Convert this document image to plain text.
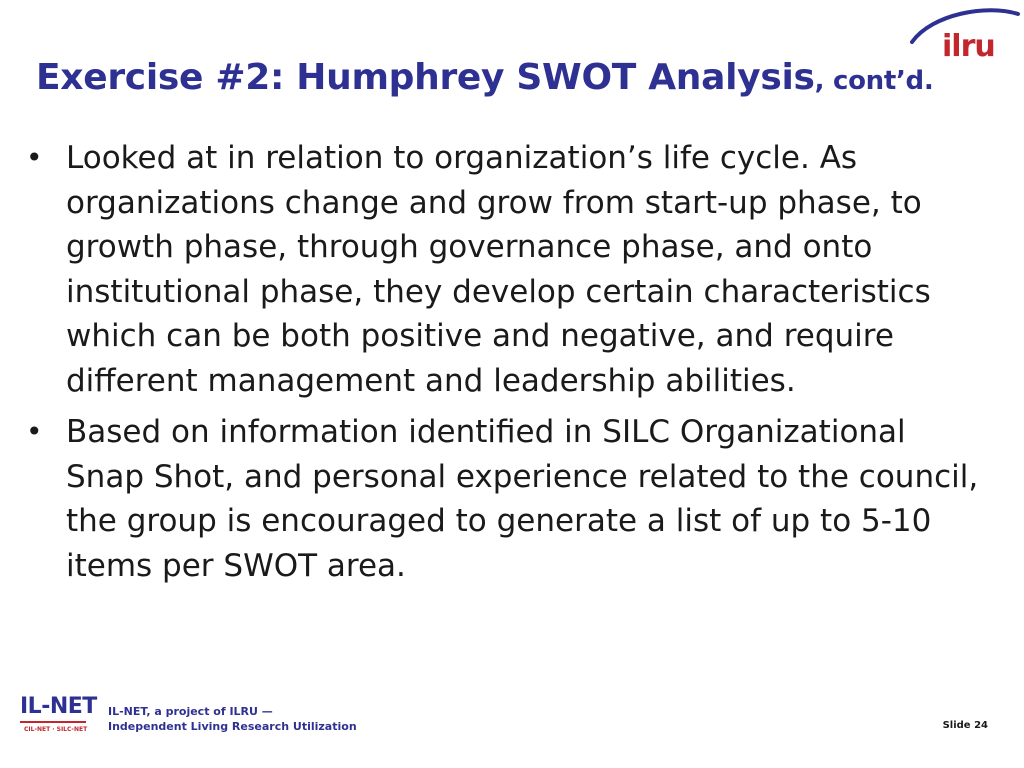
ilru
Exercise #2: Humphrey SWOT Analysis, cont’d.
• Looked at in relation to organization’s life cycle. As organizations change and grow from start-up phase, to growth phase, through governance phase, and onto institutional phase, they develop certain characteristics which can be both positive and negative, and require different management and leadership abilities.
• Based on information identified in SILC Organizational Snap Shot, and personal experience related to the council, the group is encouraged to generate a list of up to 5-10 items per SWOT area.
IL-NET
CIL-NET · SILC-NET
IL-NET, a project of ILRU —
Independent Living Research Utilization	Slide 24
